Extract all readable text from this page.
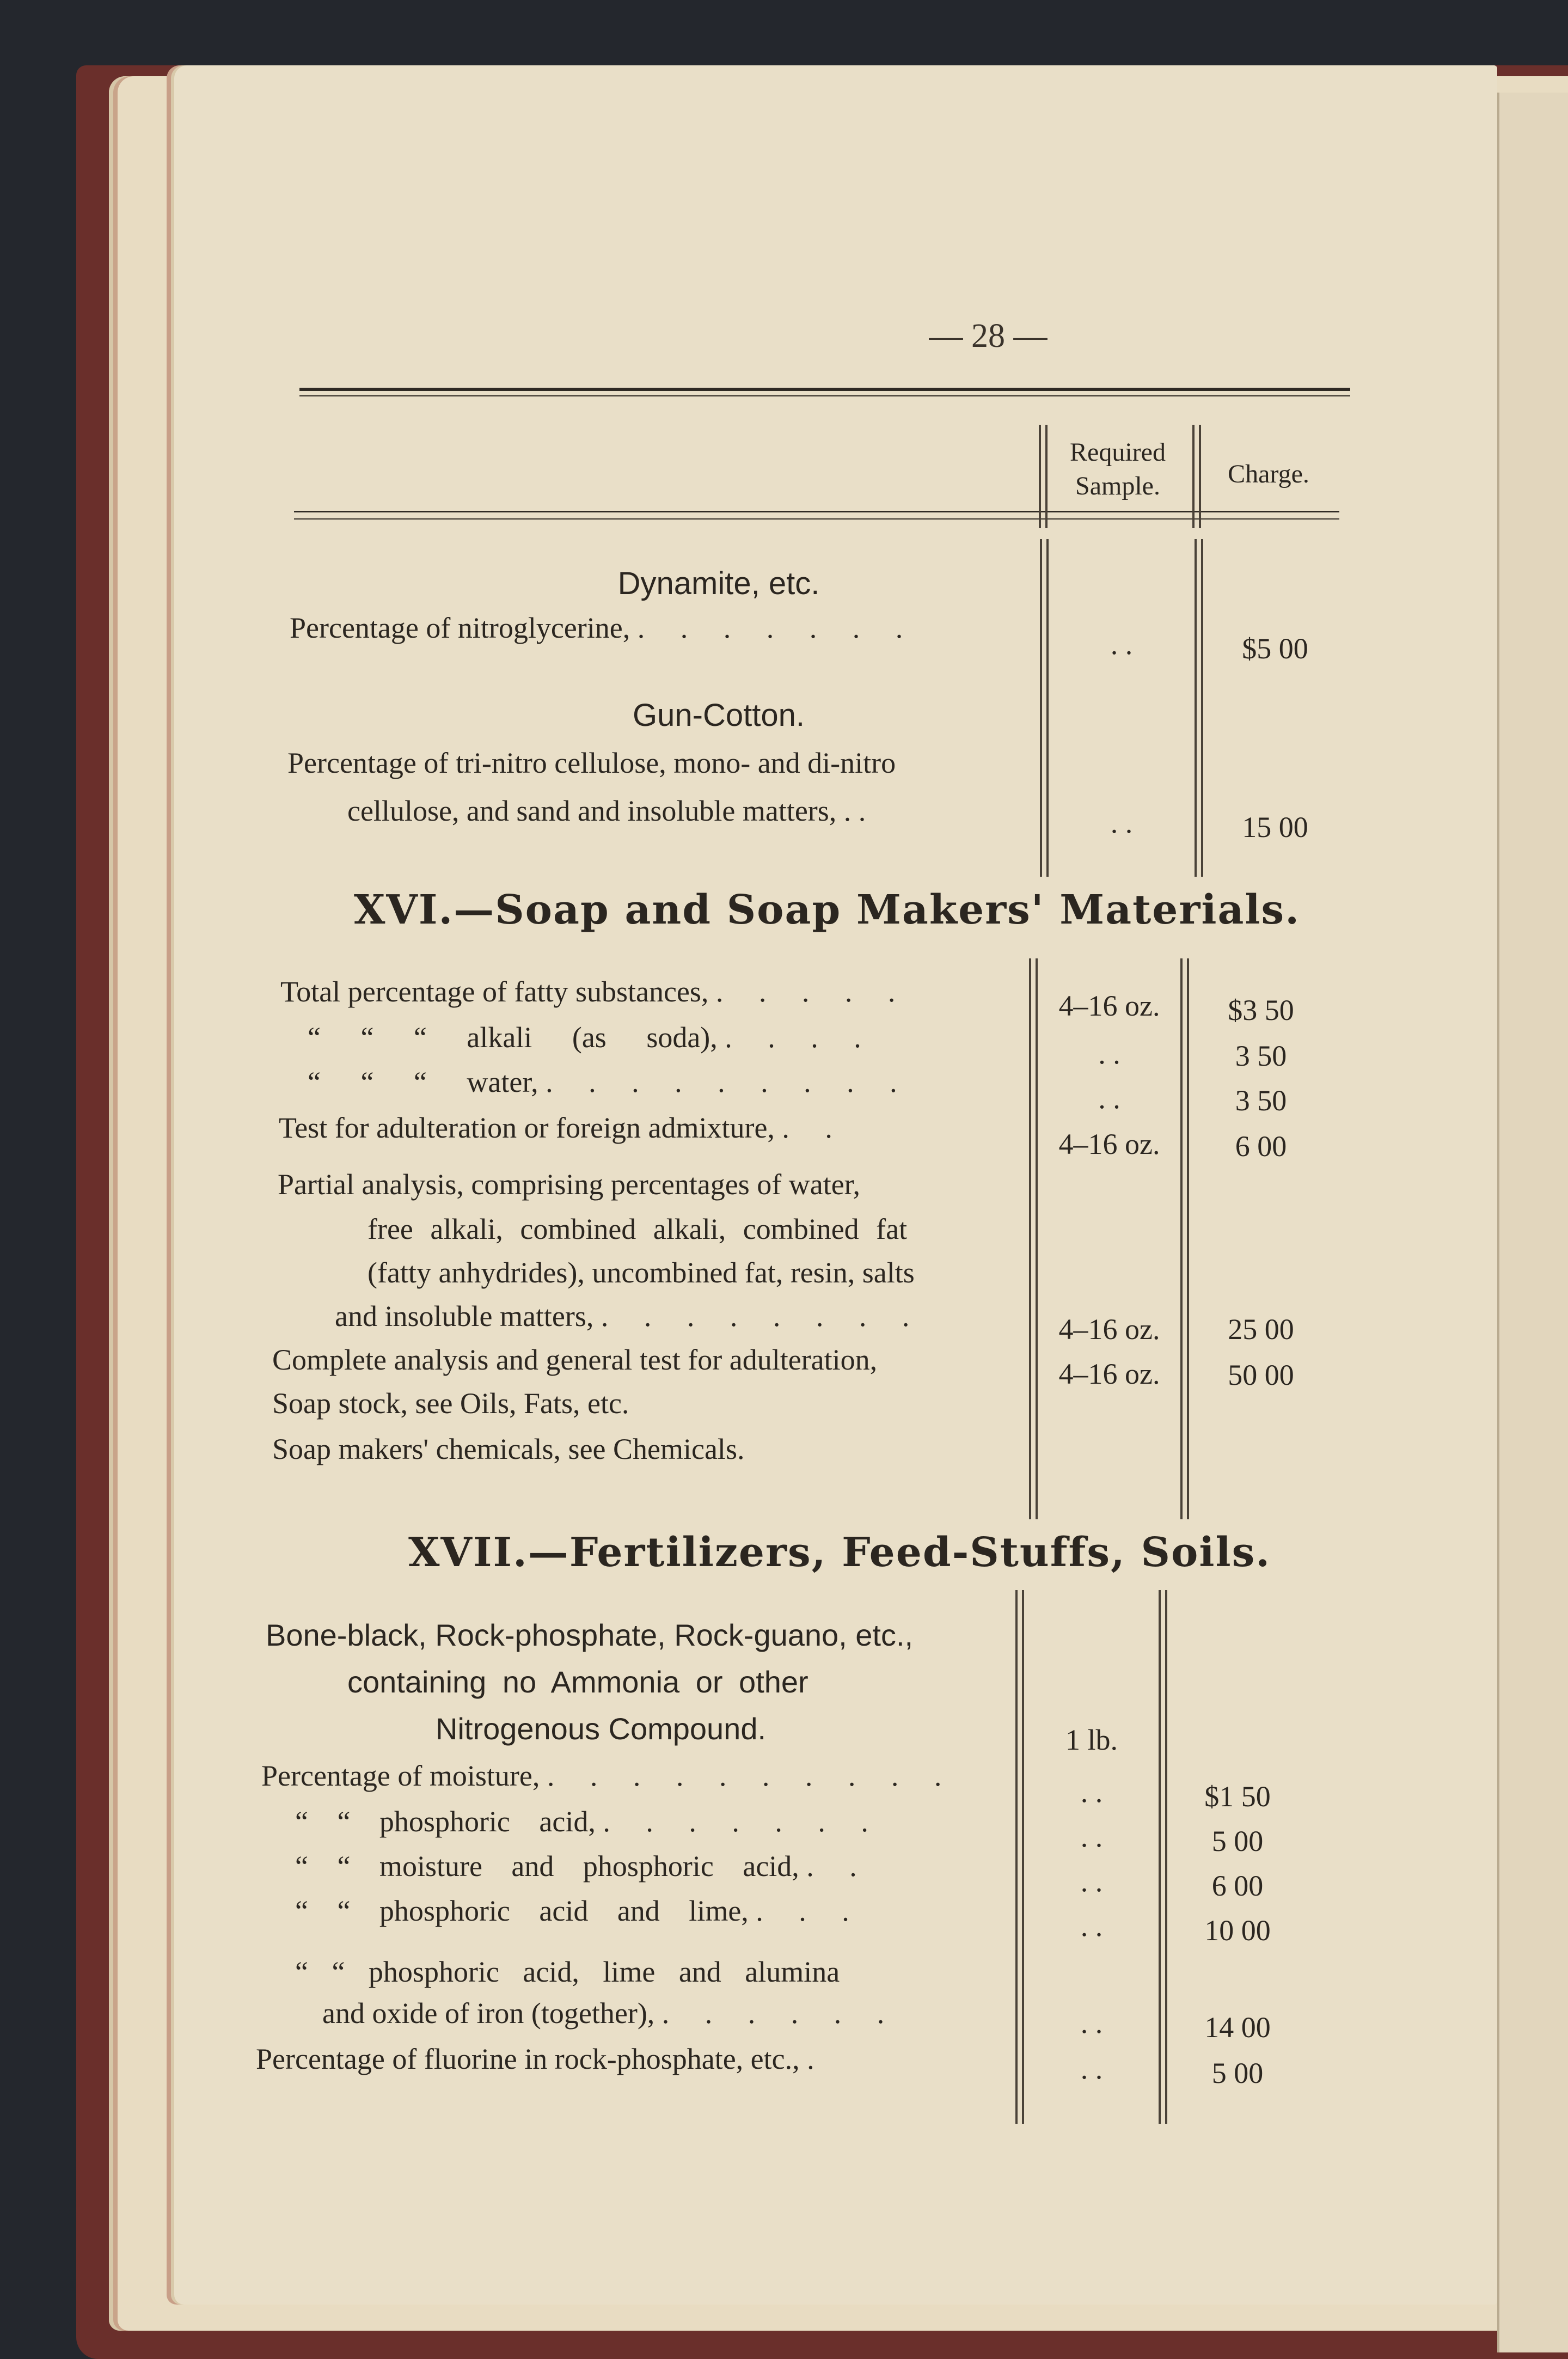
— 28 —
Required
Sample.	Charge.
Dynamite, etc.
Percentage of nitroglycerine, . . . . . . .	. .	$5 00
Gun-Cotton.
Percentage of tri-nitro cellulose, mono- and di-nitro
cellulose, and sand and insoluble matters, . .	. .	15 00
XVI.—Soap and Soap Makers' Materials.
Total percentage of fatty substances, . . . . .	4–16 oz.	$3 50
“ “ “ alkali (as soda), . . . .	. .	3 50
“ “ “ water, . . . . . . . . .	. .	3 50
Test for adulteration or foreign admixture, . .	4–16 oz.	6 00
Partial analysis, comprising percentages of water,
free alkali, combined alkali, combined fat
(fatty anhydrides), uncombined fat, resin, salts
and insoluble matters, . . . . . . . .	4–16 oz.	25 00
Complete analysis and general test for adulteration,	4–16 oz.	50 00
Soap stock, see Oils, Fats, etc.
Soap makers' chemicals, see Chemicals.
XVII.—Fertilizers, Feed-Stuffs, Soils.
Bone-black, Rock-phosphate, Rock-guano, etc.,
containing no Ammonia or other
Nitrogenous Compound.	1 lb.
Percentage of moisture, . . . . . . . . . .	. .	$1 50
“ “ phosphoric acid, . . . . . . .	. .	5 00
“ “ moisture and phosphoric acid, . .	. .	6 00
“ “ phosphoric acid and lime, . . .	. .	10 00
“ “ phosphoric acid, lime and alumina
and oxide of iron (together), . . . . . .	. .	14 00
Percentage of fluorine in rock-phosphate, etc., .	. .	5 00
